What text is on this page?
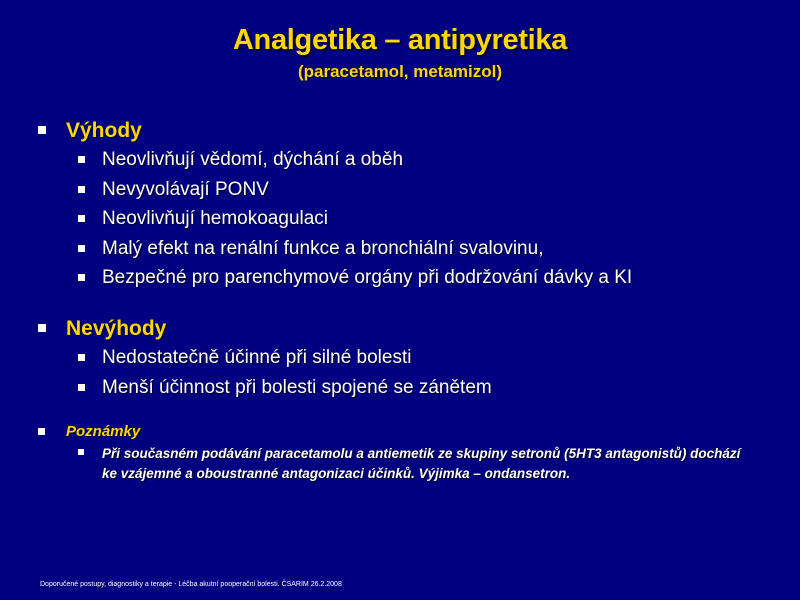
Analgetika – antipyretika
(paracetamol, metamizol)
Výhody
Neovlivňují vědomí, dýchání a oběh
Nevyvolávají PONV
Neovlivňují hemokoagulaci
Malý efekt na renální funkce a bronchiální svalovinu,
Bezpečné pro parenchymové orgány při dodržování dávky a KI
Nevýhody
Nedostatečně účinné při silné bolesti
Menší účinnost při bolesti spojené se zánětem
Poznámky
Při současném podávání paracetamolu a antiemetik ze skupiny setronů (5HT3 antagonistů) dochází ke vzájemné a oboustranné antagonizaci účinků. Výjimka – ondansetron.
Doporučené postupy, diagnostiky a terapie - Léčba akutní pooperační bolesti. ČSARIM 26.2.2008
